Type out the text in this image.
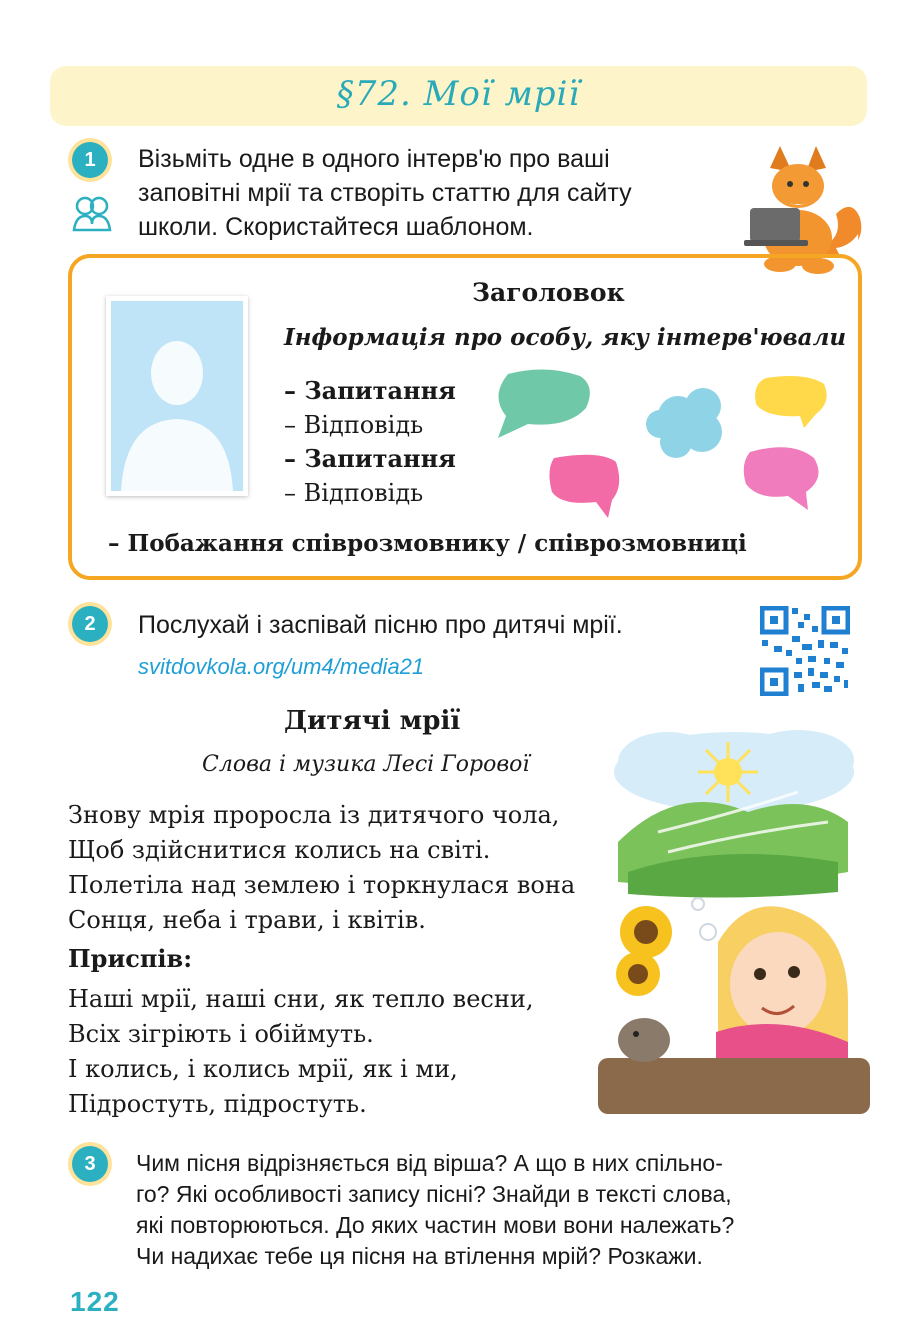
§72. Мої мрії
1	Візьміть одне в одного інтерв'ю про ваші
заповітні мрії та створіть статтю для сайту
школи. Скористайтеся шаблоном.
Заголовок
Інформація про особу, яку інтерв'ювали
– Запитання
– Відповідь
– Запитання
– Відповідь
– Побажання співрозмовнику / співрозмовниці
2	Послухай і заспівай пісню про дитячі мрії.
svitdovkola.org/um4/media21
Дитячі мрії
Слова і музика Лесі Горової
Знову мрія проросла із дитячого чола,
Щоб здійснитися колись на світі.
Полетіла над землею і торкнулася вона
Сонця, неба і трави, і квітів.
Приспів:
Наші мрії, наші сни, як тепло весни,
Всіх зігріють і обіймуть.
І колись, і колись мрії, як і ми,
Підростуть, підростуть.
3	Чим пісня відрізняється від вірша? А що в них спільно-
го? Які особливості запису пісні? Знайди в тексті слова,
які повторюються. До яких частин мови вони належать?
Чи надихає тебе ця пісня на втілення мрій? Розкажи.
122
